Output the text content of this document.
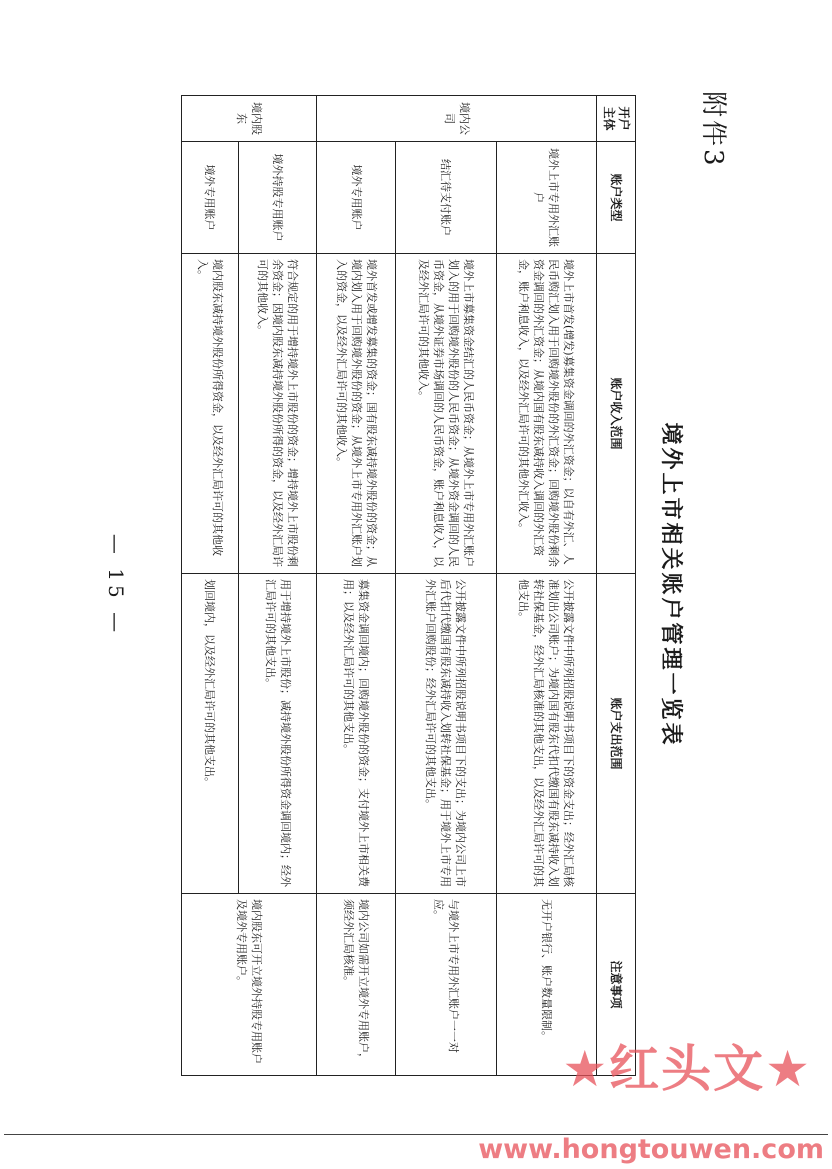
附件3
境外上市相关账户管理一览表
开户主体	账户类型	账户收入范围	账户支出范围	注意事项
境内公司	境外上市专用外汇账户	境外上市首发(增发)募集资金调回的外汇资金；以自有外汇、人民币购汇划入用于回购境外股份的外汇资金；回购境外股份剩余资金调回的外汇资金；从境内国有股东减持收入调回的外汇资金，账户利息收入，以及经外汇局许可的其他外汇收入。	公开披露文件中所列招股说明书项目下的资金支出；经外汇局核准划出公司账户；为境内国有股东代扣代缴国有股东减持收入划转社保基金，经外汇局核准的其他支出，以及经外汇局许可的其他支出。	无开户银行、账户数量限制。
	结汇待支付账户	境外上市募集资金结汇的人民币资金；从境外上市专用外汇账户划入的用于回购境外股份的人民币资金；从境外资金调回的人民币资金，从境外证券市场调回的人民币资金，账户利息收入，以及经外汇局许可的其他收入。	公开披露文件中所列招股说明书项目下的支出；为境内公司上市后代扣代缴国有股东减持收入划转社保基金；用于境外上市专用外汇账户回购股份；经外汇局许可的其他支出。	与境外上市专用外汇账户一一对应。
	境外专用账户	境外首发或增发募集的资金；国有股东减持境外股份的资金；从境内划入用于回购境外股份的资金；从境外上市专用外汇账户划入的资金，以及经外汇局许可的其他收入。	募集资金调回境内；回购境外股份的资金；支付境外上市相关费用；以及经外汇局许可的其他支出。	境内公司如需开立境外专用账户，须经外汇局核准。
境内股东	境外持股专用账户	符合规定的用于增持境外上市股份的资金；增持境外上市股份剩余资金；因境内股东减持境外股份所得的资金，以及经外汇局许可的其他收入。	用于增持境外上市股份；减持境外股份所得资金调回境内；经外汇局许可的其他支出。	境内股东可开立境外持股专用账户及境外专用账户。
	境外专用账户	境内股东减持境外股份所得资金，以及经外汇局许可的其他收入。	划回境内，以及经外汇局许可的其他支出。	
— 15 —
★红头文★
www.hongtouwen.com
